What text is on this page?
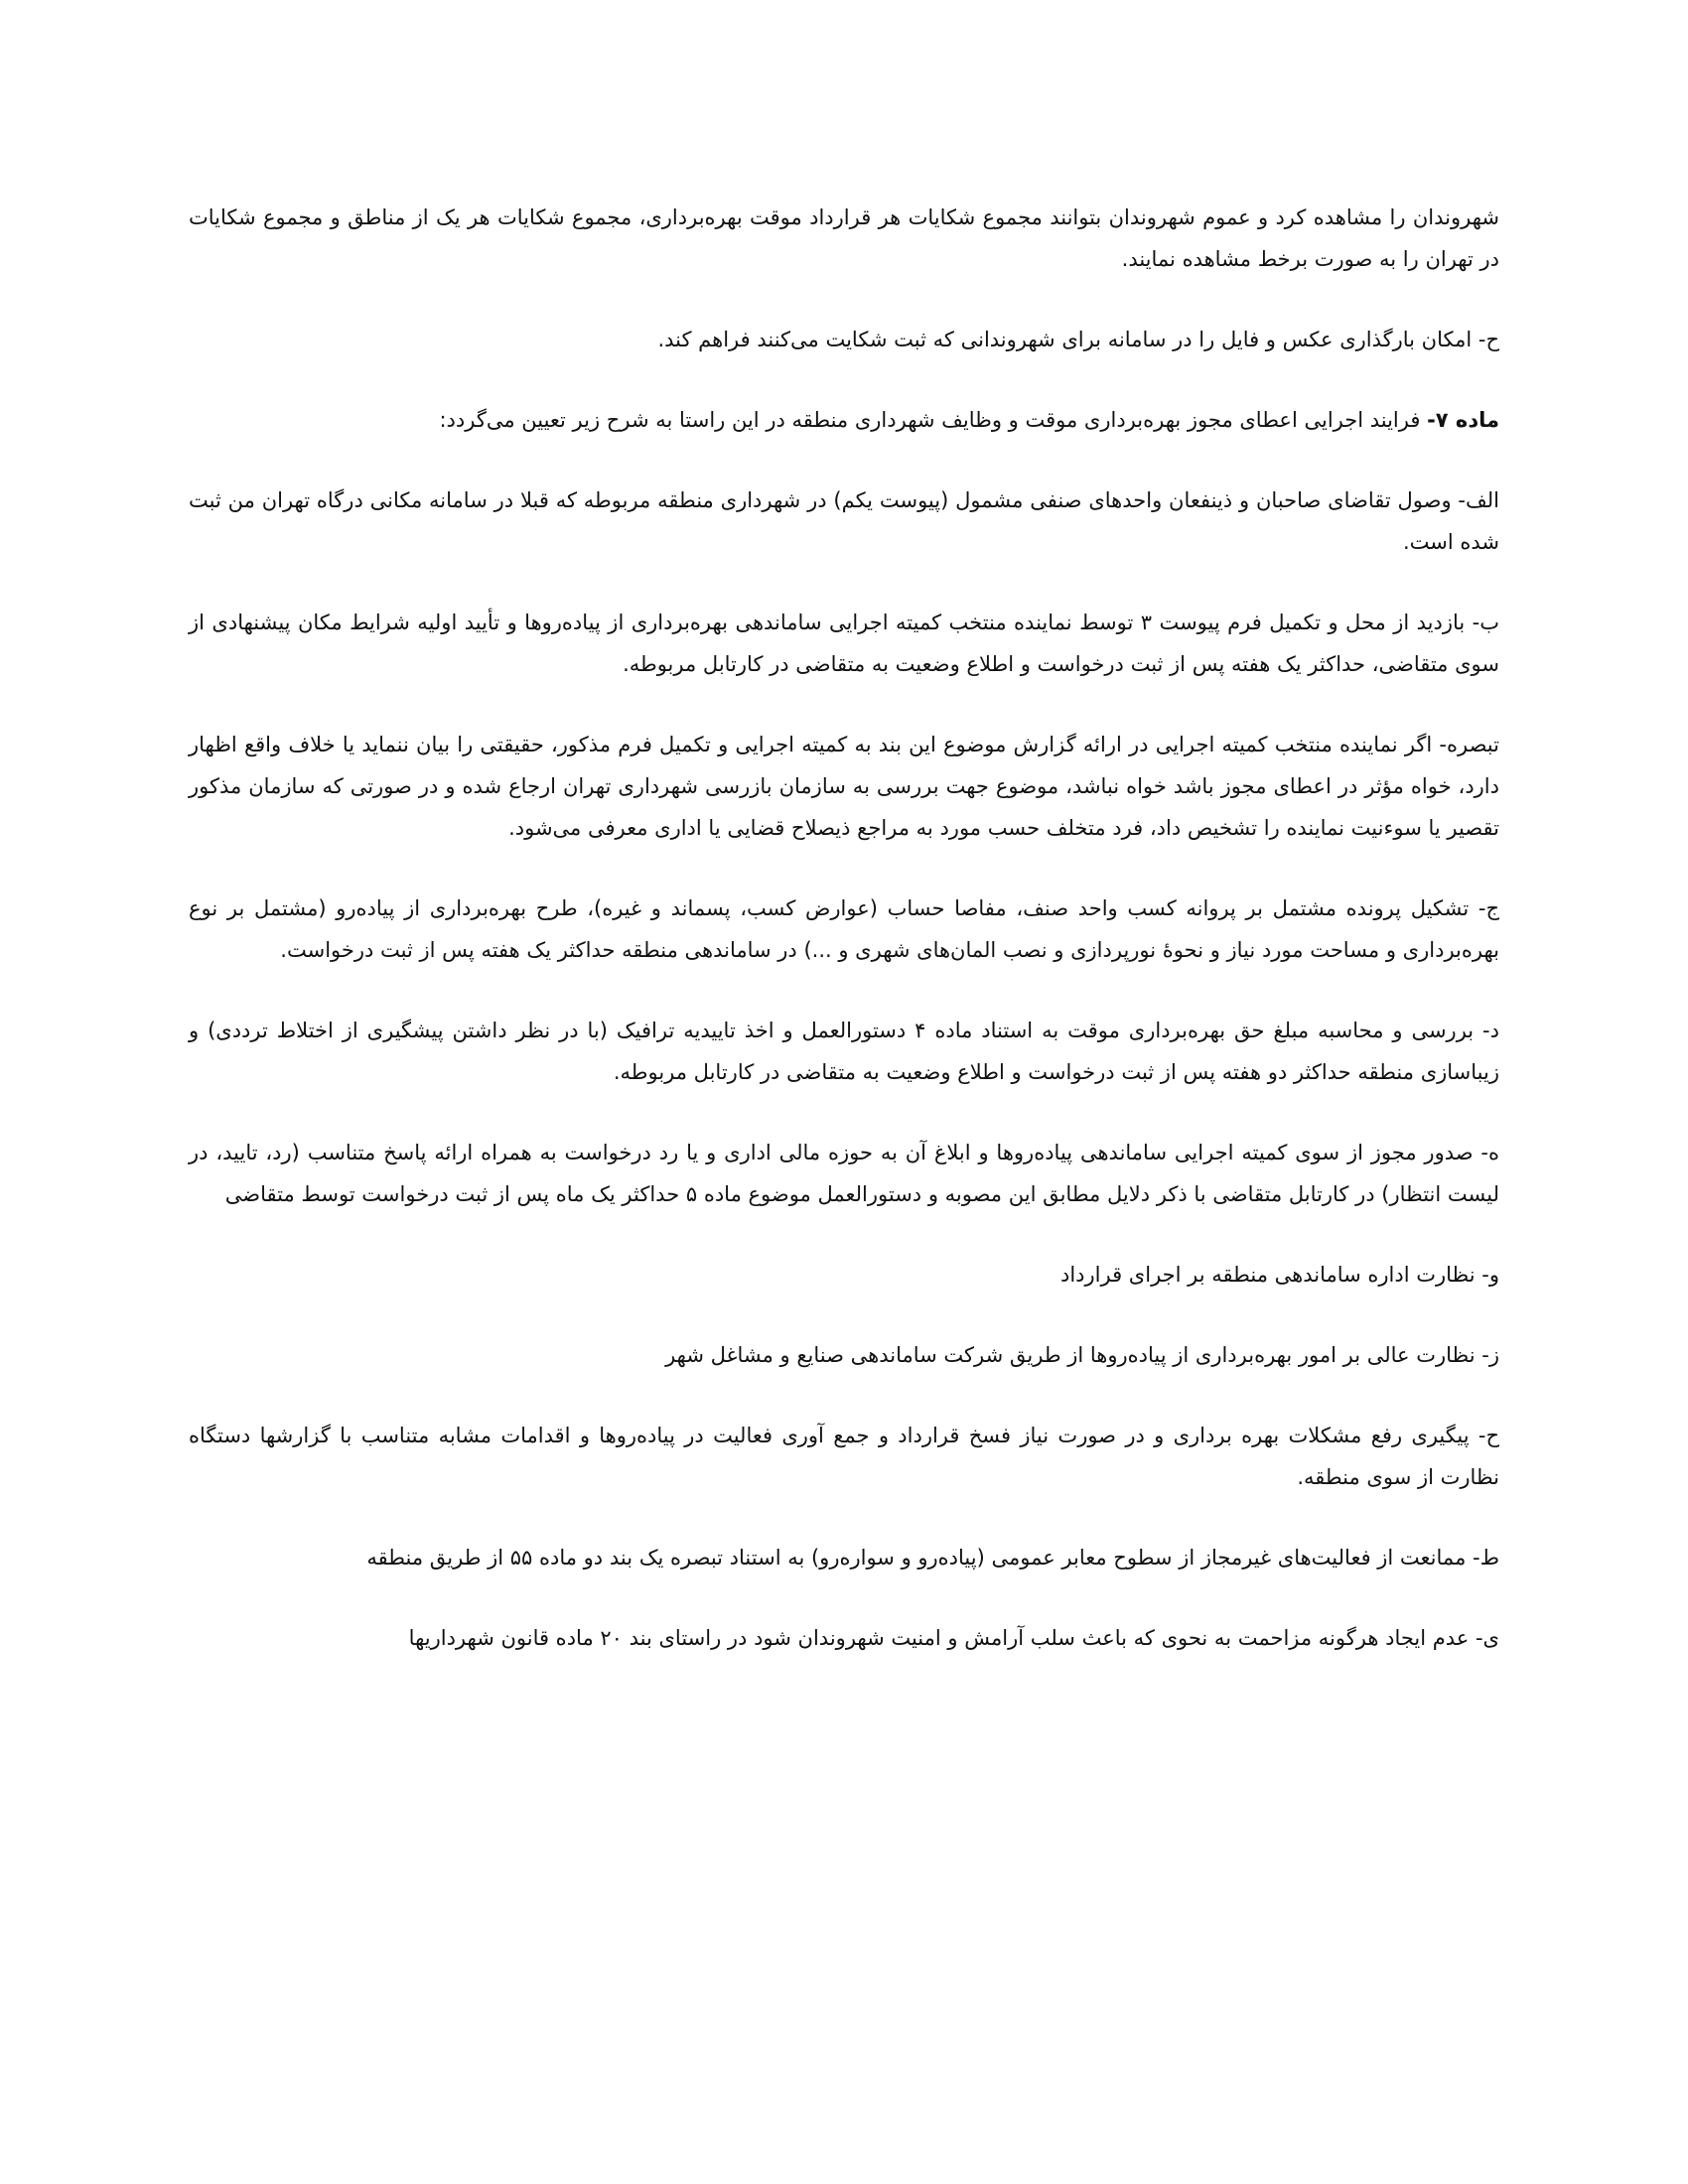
شهروندان را مشاهده کرد و عموم شهروندان بتوانند مجموع شکایات هر قرارداد موقت بهره‌برداری، مجموع شکایات هر یک از مناطق و مجموع شکایات در تهران را به صورت برخط مشاهده نمایند.

ح- امکان بارگذاری عکس و فایل را در سامانه برای شهروندانی که ثبت شکایت می‌کنند فراهم کند.

ماده ۷- فرایند اجرایی اعطای مجوز بهره‌برداری موقت و وظایف شهرداری منطقه در این راستا به شرح زیر تعیین می‌گردد:

الف- وصول تقاضای صاحبان و ذینفعان واحدهای صنفی مشمول (پیوست یکم) در شهرداری منطقه مربوطه که قبلا در سامانه مکانی درگاه تهران من ثبت شده است.

ب- بازدید از محل و تکمیل فرم پیوست ۳ توسط نماینده منتخب کمیته اجرایی ساماندهی بهره‌برداری از پیاده‌روها و تأیید اولیه شرایط مکان پیشنهادی از سوی متقاضی، حداکثر یک هفته پس از ثبت درخواست و اطلاع وضعیت به متقاضی در کارتابل مربوطه.

تبصره- اگر نماینده منتخب کمیته اجرایی در ارائه گزارش موضوع این بند به کمیته اجرایی و تکمیل فرم مذکور، حقیقتی را بیان ننماید یا خلاف واقع اظهار دارد، خواه مؤثر در اعطای مجوز باشد خواه نباشد، موضوع جهت بررسی به سازمان بازرسی شهرداری تهران ارجاع شده و در صورتی که سازمان مذکور تقصیر یا سوءنیت نماینده را تشخیص داد، فرد متخلف حسب مورد به مراجع ذیصلاح قضایی یا اداری معرفی می‌شود.

ج- تشکیل پرونده مشتمل بر پروانه کسب واحد صنف، مفاصا حساب (عوارض کسب، پسماند و غیره)، طرح بهره‌برداری از پیاده‌رو (مشتمل بر نوع بهره‌برداری و مساحت مورد نیاز و نحوهٔ نورپردازی و نصب المان‌های شهری و ...) در ساماندهی منطقه حداکثر یک هفته پس از ثبت درخواست.

د- بررسی و محاسبه مبلغ حق بهره‌برداری موقت به استناد ماده ۴ دستورالعمل و اخذ تاییدیه ترافیک (با در نظر داشتن پیشگیری از اختلاط ترددی) و زیباسازی منطقه حداکثر دو هفته پس از ثبت درخواست و اطلاع وضعیت به متقاضی در کارتابل مربوطه.

ه- صدور مجوز از سوی کمیته اجرایی ساماندهی پیاده‌روها و ابلاغ آن به حوزه مالی اداری و یا رد درخواست به همراه ارائه پاسخ متناسب (رد، تایید، در لیست انتظار) در کارتابل متقاضی با ذکر دلایل مطابق این مصوبه و دستورالعمل موضوع ماده ۵ حداکثر یک ماه پس از ثبت درخواست توسط متقاضی

و- نظارت اداره ساماندهی منطقه بر اجرای قرارداد

ز- نظارت عالی بر امور بهره‌برداری از پیاده‌روها از طریق شرکت ساماندهی صنایع و مشاغل شهر

ح- پیگیری رفع مشکلات بهره برداری و در صورت نیاز فسخ قرارداد و جمع آوری فعالیت در پیاده‌روها و اقدامات مشابه متناسب با گزارشها دستگاه نظارت از سوی منطقه.

ط- ممانعت از فعالیت‌های غیرمجاز از سطوح معابر عمومی (پیاده‌رو و سواره‌رو) به استناد تبصره یک بند دو ماده ۵۵ از طریق منطقه

ی- عدم ایجاد هرگونه مزاحمت به نحوی که باعث سلب آرامش و امنیت شهروندان شود در راستای بند ۲۰ ماده قانون شهرداریها
